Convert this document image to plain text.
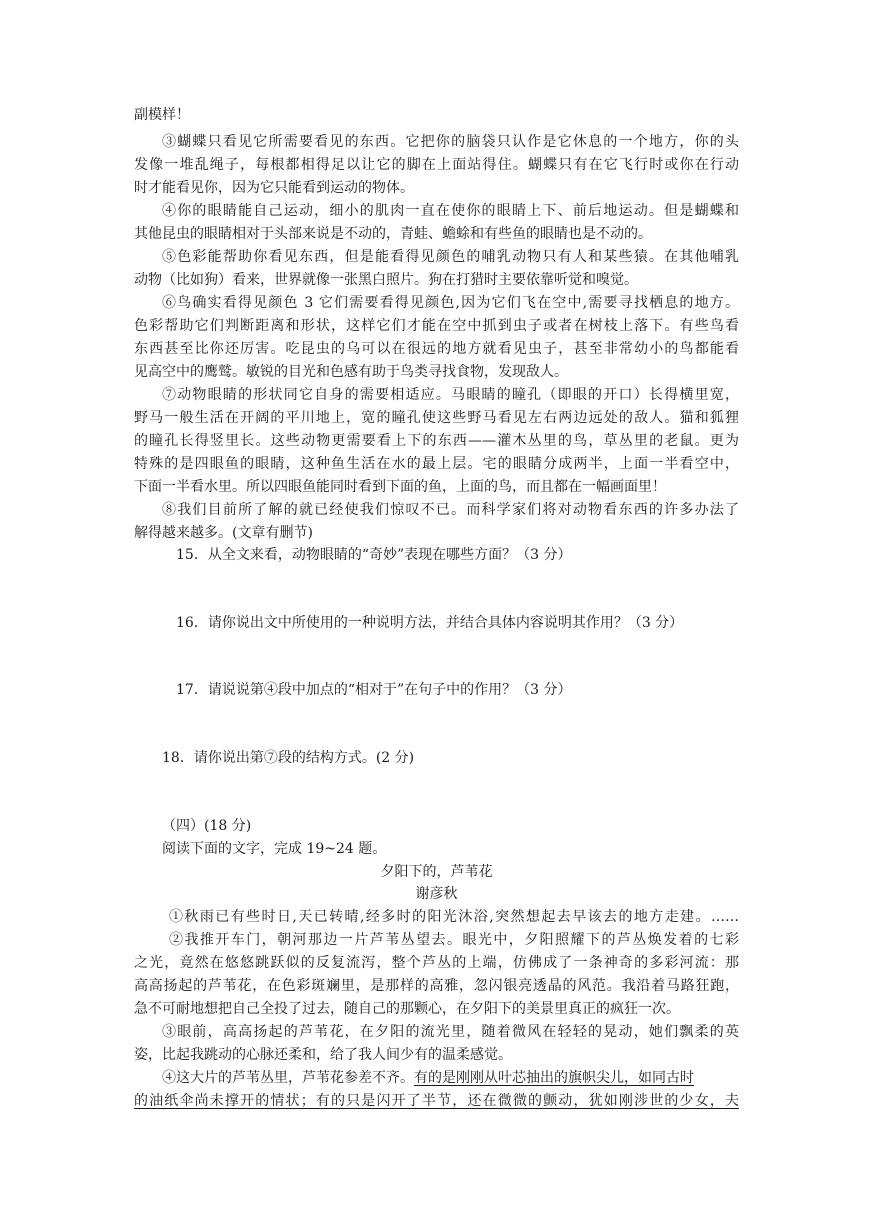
副模样！
③蝴蝶只看见它所需要看见的东西。它把你的脑袋只认作是它休息的一个地方，你的头
发像一堆乱绳子，每根都相得足以让它的脚在上面站得住。蝴蝶只有在它飞行时或你在行动
时才能看见你，因为它只能看到运动的物体。
④你的眼睛能自己运动，细小的肌肉一直在使你的眼睛上下、前后地运动。但是蝴蝶和
其他昆虫的眼睛相对于头部来说是不动的，青蛙、蟾蜍和有些鱼的眼睛也是不动的。
⑤色彩能帮助你看见东西，但是能看得见颜色的哺乳动物只有人和某些猿。在其他哺乳
动物（比如狗）看来，世界就像一张黑白照片。狗在打猎时主要依靠听觉和嗅觉。
⑥鸟确实看得见颜色 3 它们需要看得见颜色,因为它们飞在空中,需要寻找栖息的地方。
色彩帮助它们判断距离和形状，这样它们才能在空中抓到虫子或者在树枝上落下。有些鸟看
东西甚至比你还厉害。吃昆虫的乌可以在很远的地方就看见虫子，甚至非常幼小的鸟都能看
见高空中的鹰鹫。敏锐的目光和色感有助于鸟类寻找食物，发现敌人。
⑦动物眼睛的形状同它自身的需要相适应。马眼睛的瞳孔（即眼的开口）长得横里宽，
野马一般生活在开阔的平川地上，宽的瞳孔使这些野马看见左右两边远处的敌人。猫和狐狸
的瞳孔长得竖里长。这些动物更需要看上下的东西——灌木丛里的鸟，草丛里的老鼠。更为
特殊的是四眼鱼的眼睛，这种鱼生活在水的最上层。宅的眼睛分成两半，上面一半看空中，
下面一半看水里。所以四眼鱼能同时看到下面的鱼，上面的鸟，而且都在一幅画面里！
⑧我们目前所了解的就已经使我们惊叹不已。而科学家们将对动物看东西的许多办法了
解得越来越多。(文章有删节)
15．从全文来看，动物眼睛的“奇妙”表现在哪些方面？（3 分）
16．请你说出文中所使用的一种说明方法，并结合具体内容说明其作用？（3 分）
17．请说说第④段中加点的“相对于”在句子中的作用？（3 分）
18．请你说出第⑦段的结构方式。(2 分)
（四）(18 分)
阅读下面的文字，完成 19~24 题。
夕阳下的，芦苇花
谢彦秋
①秋雨已有些时日,天已转晴,经多时的阳光沐浴,突然想起去早该去的地方走建。……
②我推开车门，朝河那边一片芦苇丛望去。眼光中，夕阳照耀下的芦丛焕发着的七彩
之光，竟然在悠悠跳跃似的反复流泻，整个芦丛的上端，仿佛成了一条神奇的多彩河流：那
高高扬起的芦苇花，在色彩斑斓里，是那样的高雅，忽闪银亮透晶的风范。我沿着马路狂跑，
急不可耐地想把自己全投了过去，随自己的那颗心，在夕阳下的美景里真正的疯狂一次。
③眼前，高高扬起的芦苇花，在夕阳的流光里，随着微风在轻轻的晃动，她们飘柔的英
姿，比起我跳动的心脉还柔和，给了我人间少有的温柔感觉。
④这大片的芦苇丛里，芦苇花参差不齐。有的是刚刚从叶芯抽出的旗帜尖儿，如同古时
的油纸伞尚未撑开的情状；有的只是闪开了半节，还在微微的颤动，犹如刚涉世的少女，夫
